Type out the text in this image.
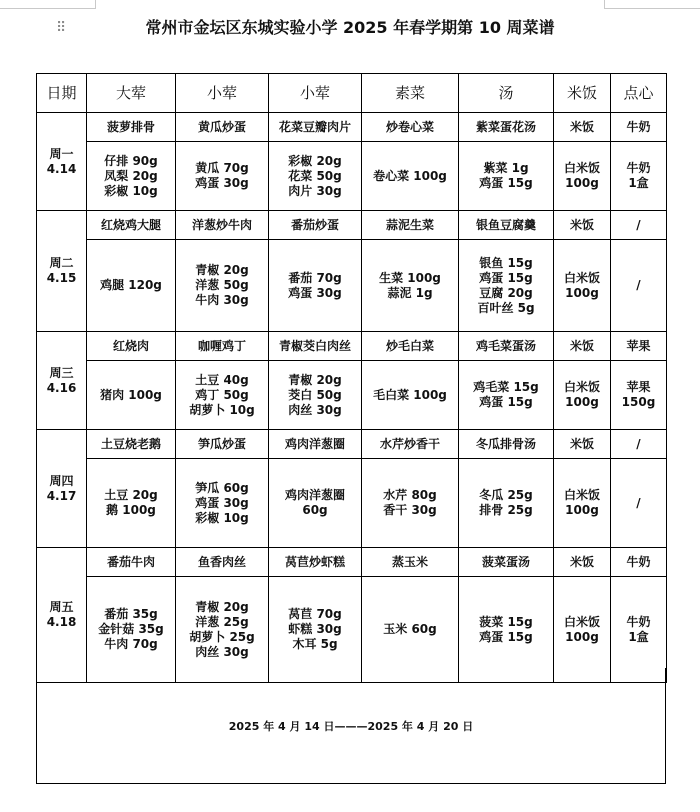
⠿	常州市金坛区东城实验小学 2025 年春学期第 10 周菜谱
日期	大荤	小荤	小荤	素菜	汤	米饭	点心

周一
4.14	菠萝排骨	黄瓜炒蛋	花菜豆瓣肉片	炒卷心菜	紫菜蛋花汤	米饭	牛奶

	仔排 90g
凤梨 20g
彩椒 10g	黄瓜 70g
鸡蛋 30g	彩椒 20g
花菜 50g
肉片 30g	卷心菜 100g	紫菜 1g
鸡蛋 15g	白米饭
100g	牛奶
1盒

周二
4.15	红烧鸡大腿	洋葱炒牛肉	番茄炒蛋	蒜泥生菜	银鱼豆腐羹	米饭	/

	鸡腿 120g	青椒 20g
洋葱 50g
牛肉 30g	番茄 70g
鸡蛋 30g	生菜 100g
蒜泥 1g	银鱼 15g
鸡蛋 15g
豆腐 20g
百叶丝 5g	白米饭
100g	/

周三
4.16	红烧肉	咖喱鸡丁	青椒茭白肉丝	炒毛白菜	鸡毛菜蛋汤	米饭	苹果

	猪肉 100g	土豆 40g
鸡丁 50g
胡萝卜 10g	青椒 20g
茭白 50g
肉丝 30g	毛白菜 100g	鸡毛菜 15g
鸡蛋 15g	白米饭
100g	苹果
150g

周四
4.17	土豆烧老鹅	笋瓜炒蛋	鸡肉洋葱圈	水芹炒香干	冬瓜排骨汤	米饭	/

	土豆 20g
鹅 100g	笋瓜 60g
鸡蛋 30g
彩椒 10g	鸡肉洋葱圈
60g	水芹 80g
香干 30g	冬瓜 25g
排骨 25g	白米饭
100g	/

周五
4.18	番茄牛肉	鱼香肉丝	莴苣炒虾糕	蒸玉米	菠菜蛋汤	米饭	牛奶

	番茄 35g
金针菇 35g
牛肉 70g	青椒 20g
洋葱 25g
胡萝卜 25g
肉丝 30g	莴苣 70g
虾糕 30g
木耳 5g	玉米 60g	菠菜 15g
鸡蛋 15g	白米饭
100g	牛奶
1盒
2025 年 4 月 14 日———2025 年 4 月 20 日
